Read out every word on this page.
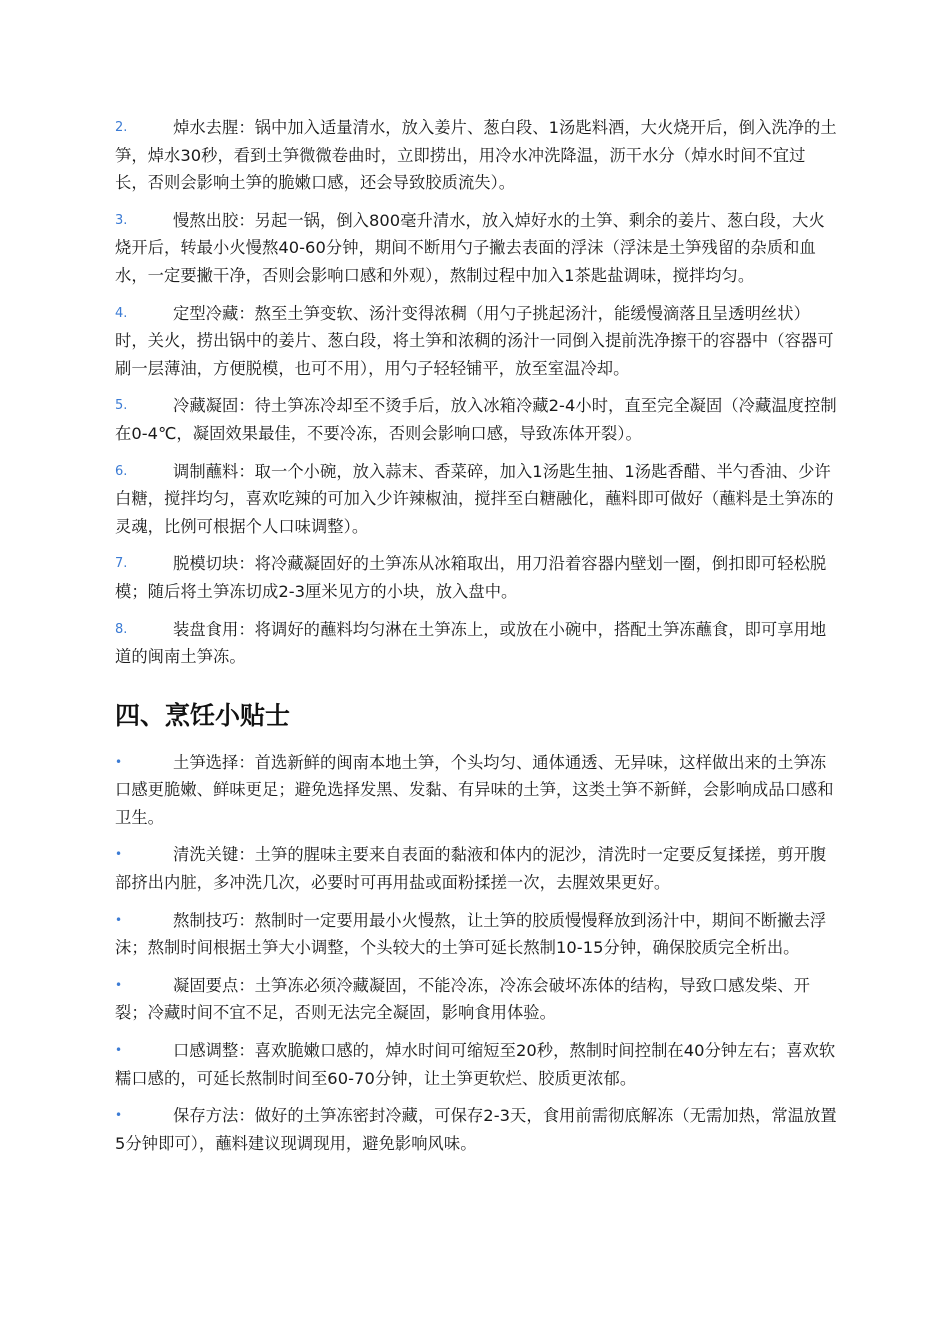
2.	焯水去腥：锅中加入适量清水，放入姜片、葱白段、1汤匙料酒，大火烧开后，倒入洗净的土笋，焯水30秒，看到土笋微微卷曲时，立即捞出，用冷水冲洗降温，沥干水分（焯水时间不宜过长，否则会影响土笋的脆嫩口感，还会导致胶质流失）。
3.	慢熬出胶：另起一锅，倒入800毫升清水，放入焯好水的土笋、剩余的姜片、葱白段，大火烧开后，转最小火慢熬40-60分钟，期间不断用勺子撇去表面的浮沫（浮沫是土笋残留的杂质和血水，一定要撇干净，否则会影响口感和外观），熬制过程中加入1茶匙盐调味，搅拌均匀。
4.	定型冷藏：熬至土笋变软、汤汁变得浓稠（用勺子挑起汤汁，能缓慢滴落且呈透明丝状）时，关火，捞出锅中的姜片、葱白段，将土笋和浓稠的汤汁一同倒入提前洗净擦干的容器中（容器可刷一层薄油，方便脱模，也可不用），用勺子轻轻铺平，放至室温冷却。
5.	冷藏凝固：待土笋冻冷却至不烫手后，放入冰箱冷藏2-4小时，直至完全凝固（冷藏温度控制在0-4℃，凝固效果最佳，不要冷冻，否则会影响口感，导致冻体开裂）。
6.	调制蘸料：取一个小碗，放入蒜末、香菜碎，加入1汤匙生抽、1汤匙香醋、半勺香油、少许白糖，搅拌均匀，喜欢吃辣的可加入少许辣椒油，搅拌至白糖融化，蘸料即可做好（蘸料是土笋冻的灵魂，比例可根据个人口味调整）。
7.	脱模切块：将冷藏凝固好的土笋冻从冰箱取出，用刀沿着容器内壁划一圈，倒扣即可轻松脱模；随后将土笋冻切成2-3厘米见方的小块，放入盘中。
8.	装盘食用：将调好的蘸料均匀淋在土笋冻上，或放在小碗中，搭配土笋冻蘸食，即可享用地道的闽南土笋冻。
四、烹饪小贴士
•	土笋选择：首选新鲜的闽南本地土笋，个头均匀、通体通透、无异味，这样做出来的土笋冻口感更脆嫩、鲜味更足；避免选择发黑、发黏、有异味的土笋，这类土笋不新鲜，会影响成品口感和卫生。
•	清洗关键：土笋的腥味主要来自表面的黏液和体内的泥沙，清洗时一定要反复揉搓，剪开腹部挤出内脏，多冲洗几次，必要时可再用盐或面粉揉搓一次，去腥效果更好。
•	熬制技巧：熬制时一定要用最小火慢熬，让土笋的胶质慢慢释放到汤汁中，期间不断撇去浮沫；熬制时间根据土笋大小调整，个头较大的土笋可延长熬制10-15分钟，确保胶质完全析出。
•	凝固要点：土笋冻必须冷藏凝固，不能冷冻，冷冻会破坏冻体的结构，导致口感发柴、开裂；冷藏时间不宜不足，否则无法完全凝固，影响食用体验。
•	口感调整：喜欢脆嫩口感的，焯水时间可缩短至20秒，熬制时间控制在40分钟左右；喜欢软糯口感的，可延长熬制时间至60-70分钟，让土笋更软烂、胶质更浓郁。
•	保存方法：做好的土笋冻密封冷藏，可保存2-3天，食用前需彻底解冻（无需加热，常温放置5分钟即可），蘸料建议现调现用，避免影响风味。
